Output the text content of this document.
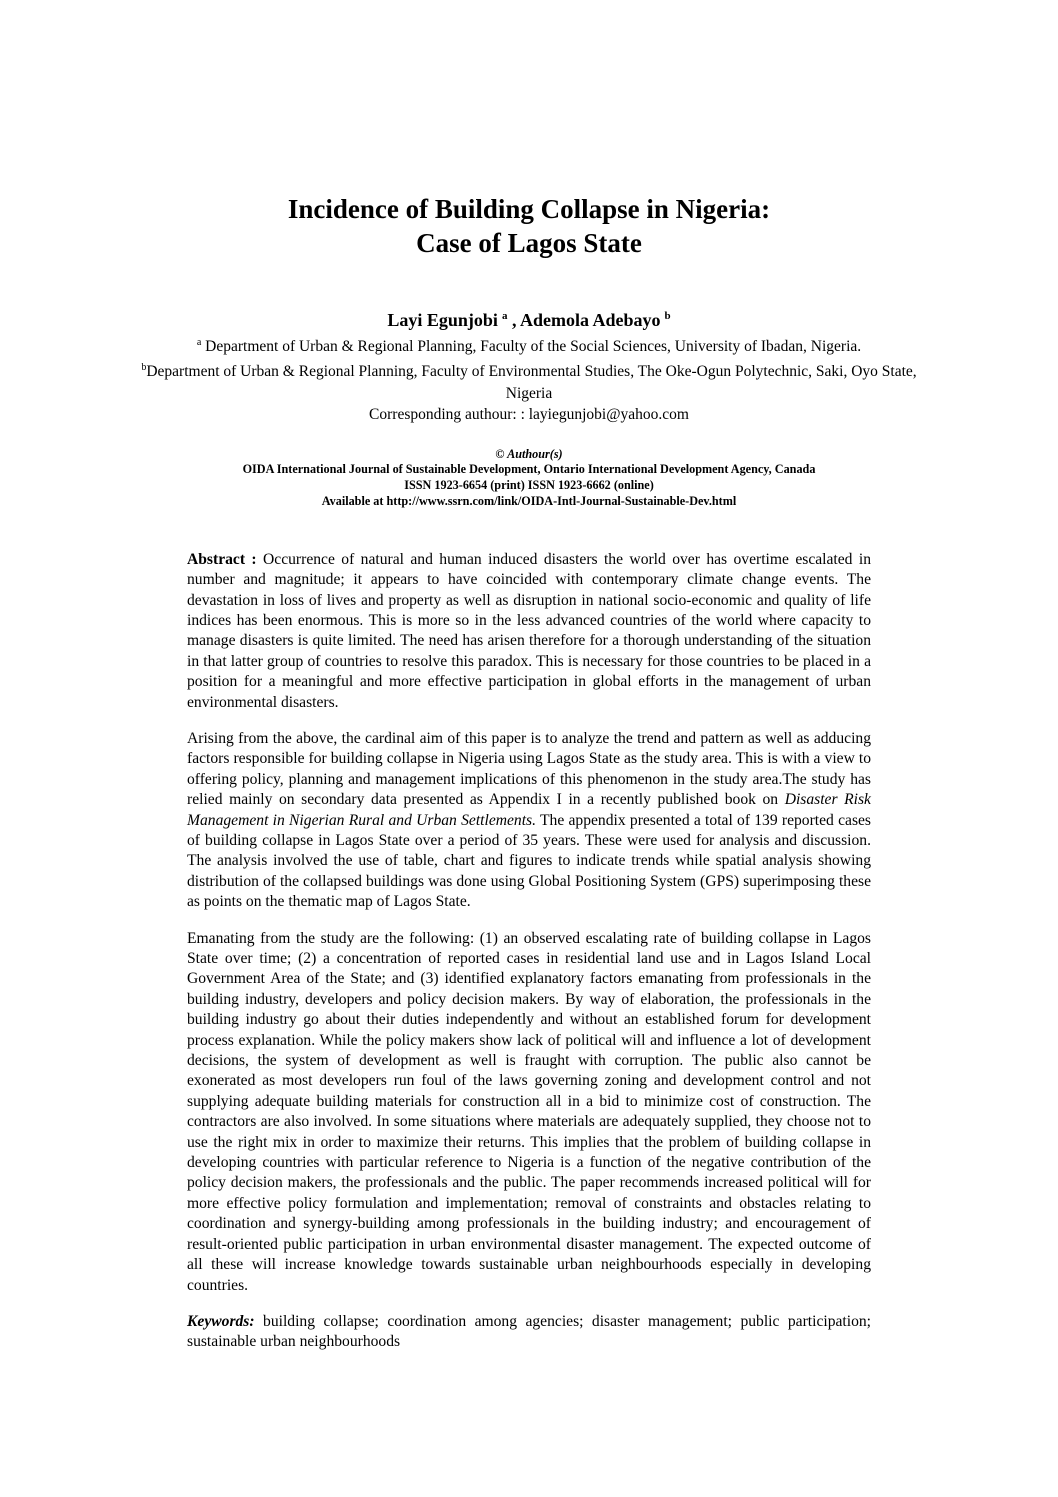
Incidence of Building Collapse in Nigeria:
Case of Lagos State
Layi Egunjobi $^a$ , Ademola Adebayo $^b$
$^a$ Department of Urban & Regional Planning, Faculty of the Social Sciences, University of Ibadan, Nigeria.
$^b$Department of Urban & Regional Planning, Faculty of Environmental Studies, The Oke-Ogun Polytechnic, Saki, Oyo State, Nigeria
Corresponding authour: : layiegunjobi@yahoo.com
© Authour(s)
OIDA International Journal of Sustainable Development, Ontario International Development Agency, Canada
ISSN 1923-6654 (print) ISSN 1923-6662 (online)
Available at http://www.ssrn.com/link/OIDA-Intl-Journal-Sustainable-Dev.html

Abstract : Occurrence of natural and human induced disasters the world over has overtime escalated in number and magnitude; it appears to have coincided with contemporary climate change events. The devastation in loss of lives and property as well as disruption in national socio-economic and quality of life indices has been enormous. This is more so in the less advanced countries of the world where capacity to manage disasters is quite limited. The need has arisen therefore for a thorough understanding of the situation in that latter group of countries to resolve this paradox. This is necessary for those countries to be placed in a position for a meaningful and more effective participation in global efforts in the management of urban environmental disasters.

Arising from the above, the cardinal aim of this paper is to analyze the trend and pattern as well as adducing factors responsible for building collapse in Nigeria using Lagos State as the study area. This is with a view to offering policy, planning and management implications of this phenomenon in the study area.The study has relied mainly on secondary data presented as Appendix I in a recently published book on Disaster Risk Management in Nigerian Rural and Urban Settlements. The appendix presented a total of 139 reported cases of building collapse in Lagos State over a period of 35 years. These were used for analysis and discussion. The analysis involved the use of table, chart and figures to indicate trends while spatial analysis showing distribution of the collapsed buildings was done using Global Positioning System (GPS) superimposing these as points on the thematic map of Lagos State.

Emanating from the study are the following: (1) an observed escalating rate of building collapse in Lagos State over time; (2) a concentration of reported cases in residential land use and in Lagos Island Local Government Area of the State; and (3) identified explanatory factors emanating from professionals in the building industry, developers and policy decision makers. By way of elaboration, the professionals in the building industry go about their duties independently and without an established forum for development process explanation. While the policy makers show lack of political will and influence a lot of development decisions, the system of development as well is fraught with corruption. The public also cannot be exonerated as most developers run foul of the laws governing zoning and development control and not supplying adequate building materials for construction all in a bid to minimize cost of construction. The contractors are also involved. In some situations where materials are adequately supplied, they choose not to use the right mix in order to maximize their returns. This implies that the problem of building collapse in developing countries with particular reference to Nigeria is a function of the negative contribution of the policy decision makers, the professionals and the public. The paper recommends increased political will for more effective policy formulation and implementation; removal of constraints and obstacles relating to coordination and synergy-building among professionals in the building industry; and encouragement of result-oriented public participation in urban environmental disaster management. The expected outcome of all these will increase knowledge towards sustainable urban neighbourhoods especially in developing countries.

Keywords: building collapse; coordination among agencies; disaster management; public participation; sustainable urban neighbourhoods
